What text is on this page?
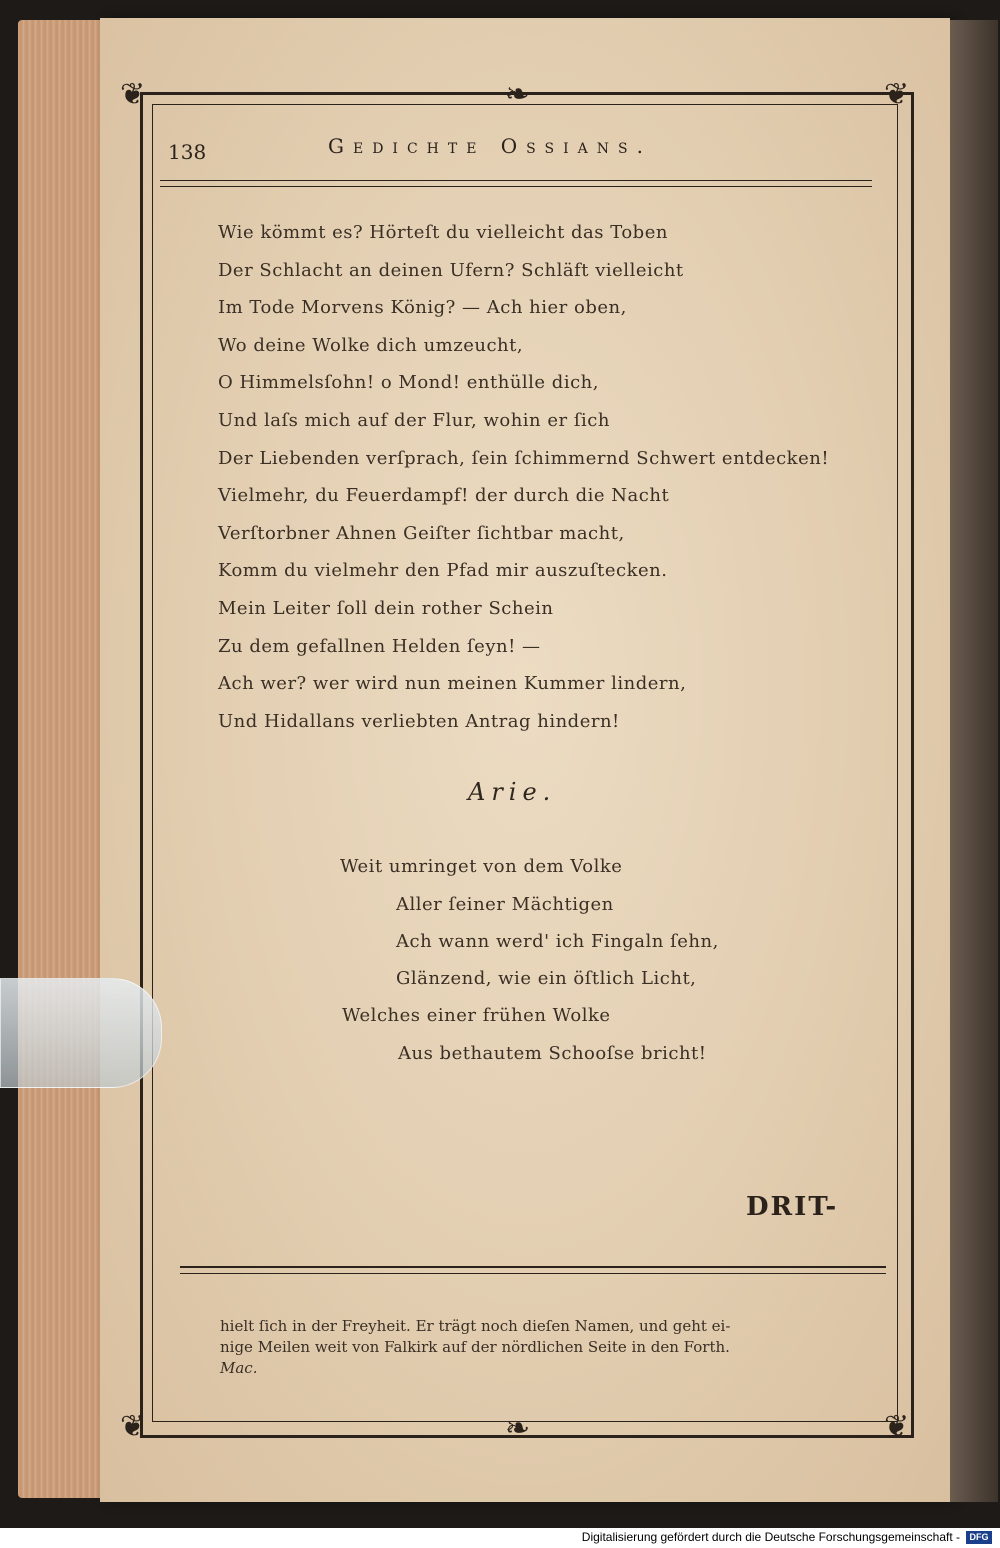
❦	❦
❦	❦
❧
❧
138	Gedichte Ossians.
Wie kömmt es? Hörteſt du vielleicht das Toben
Der Schlacht an deinen Ufern? Schläft vielleicht
Im Tode Morvens König? — Ach hier oben,
Wo deine Wolke dich umzeucht,
O Himmelsſohn! o Mond! enthülle dich,
Und laſs mich auf der Flur, wohin er ſich
Der Liebenden verſprach, ſein ſchimmernd Schwert entdecken!
Vielmehr, du Feuerdampf! der durch die Nacht
Verſtorbner Ahnen Geiſter ſichtbar macht,
Komm du vielmehr den Pfad mir auszuſtecken.
Mein Leiter ſoll dein rother Schein
Zu dem gefallnen Helden ſeyn! —
Ach wer? wer wird nun meinen Kummer lindern,
Und Hidallans verliebten Antrag hindern!
Arie.
Weit umringet von dem Volke
Aller ſeiner Mächtigen
Ach wann werd' ich Fingaln ſehn,
Glänzend, wie ein öſtlich Licht,
Welches einer frühen Wolke
Aus bethautem Schooſse bricht!
DRIT-
hielt ſich in der Freyheit. Er trägt noch dieſen Namen, und geht ei-
nige Meilen weit von Falkirk auf der nördlichen Seite in den Forth.
Mac.
Digitalisierung gefördert durch die Deutsche Forschungsgemeinschaft -	DFG
